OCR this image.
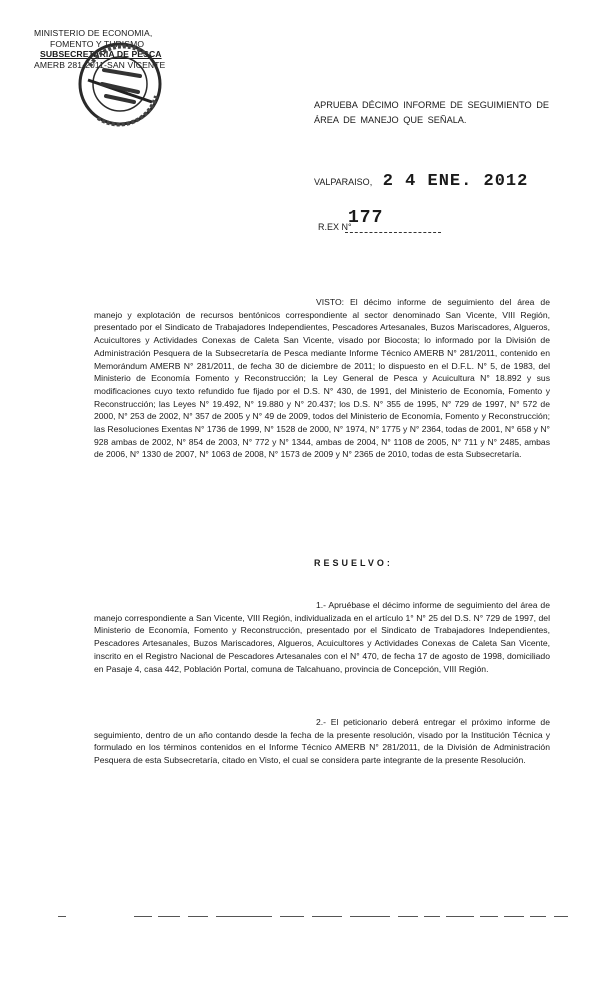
MINISTERIO DE ECONOMIA,
FOMENTO Y TURISMO
SUBSECRETARIA DE PESCA
AMERB 281-2011-SAN VICENTE
APRUEBA DÉCIMO INFORME DE SEGUIMIENTO DE ÁREA DE MANEJO QUE SEÑALA.
VALPARAISO, 2 4 ENE. 2012
R.EX N°
177
VISTO: El décimo informe de seguimiento del área de manejo y explotación de recursos bentónicos correspondiente al sector denominado San Vicente, VIII Región, presentado por el Sindicato de Trabajadores Independientes, Pescadores Artesanales, Buzos Mariscadores, Algueros, Acuicultores y Actividades Conexas de Caleta San Vicente, visado por Biocosta; lo informado por la División de Administración Pesquera de la Subsecretaría de Pesca mediante Informe Técnico AMERB N° 281/2011, contenido en Memorándum AMERB N° 281/2011, de fecha 30 de diciembre de 2011; lo dispuesto en el D.F.L. N° 5, de 1983, del Ministerio de Economía Fomento y Reconstrucción; la Ley General de Pesca y Acuicultura N° 18.892 y sus modificaciones cuyo texto refundido fue fijado por el D.S. N° 430, de 1991, del Ministerio de Economía, Fomento y Reconstrucción; las Leyes N° 19.492, N° 19.880 y N° 20.437; los D.S. N° 355 de 1995, N° 729 de 1997, N° 572 de 2000, N° 253 de 2002, N° 357 de 2005 y N° 49 de 2009, todos del Ministerio de Economía, Fomento y Reconstrucción; las Resoluciones Exentas N° 1736 de 1999, N° 1528 de 2000, N° 1974, N° 1775 y N° 2364, todas de 2001, N° 658 y N° 928 ambas de 2002, N° 854 de 2003, N° 772 y N° 1344, ambas de 2004, N° 1108 de 2005, N° 711 y N° 2485, ambas de 2006, N° 1330 de 2007, N° 1063 de 2008, N° 1573 de 2009 y N° 2365 de 2010, todas de esta Subsecretaría.
RESUELVO:
1.- Apruébase el décimo informe de seguimiento del área de manejo correspondiente a San Vicente, VIII Región, individualizada en el artículo 1° N° 25 del D.S. N° 729 de 1997, del Ministerio de Economía, Fomento y Reconstrucción, presentado por el Sindicato de Trabajadores Independientes, Pescadores Artesanales, Buzos Mariscadores, Algueros, Acuicultores y Actividades Conexas de Caleta San Vicente, inscrito en el Registro Nacional de Pescadores Artesanales con el N° 470, de fecha 17 de agosto de 1998, domiciliado en Pasaje 4, casa 442, Población Portal, comuna de Talcahuano, provincia de Concepción, VIII Región.
2.- El peticionario deberá entregar el próximo informe de seguimiento, dentro de un año contando desde la fecha de la presente resolución, visado por la Institución Técnica y formulado en los términos contenidos en el Informe Técnico AMERB N° 281/2011, de la División de Administración Pesquera de esta Subsecretaría, citado en Visto, el cual se considera parte integrante de la presente Resolución.
